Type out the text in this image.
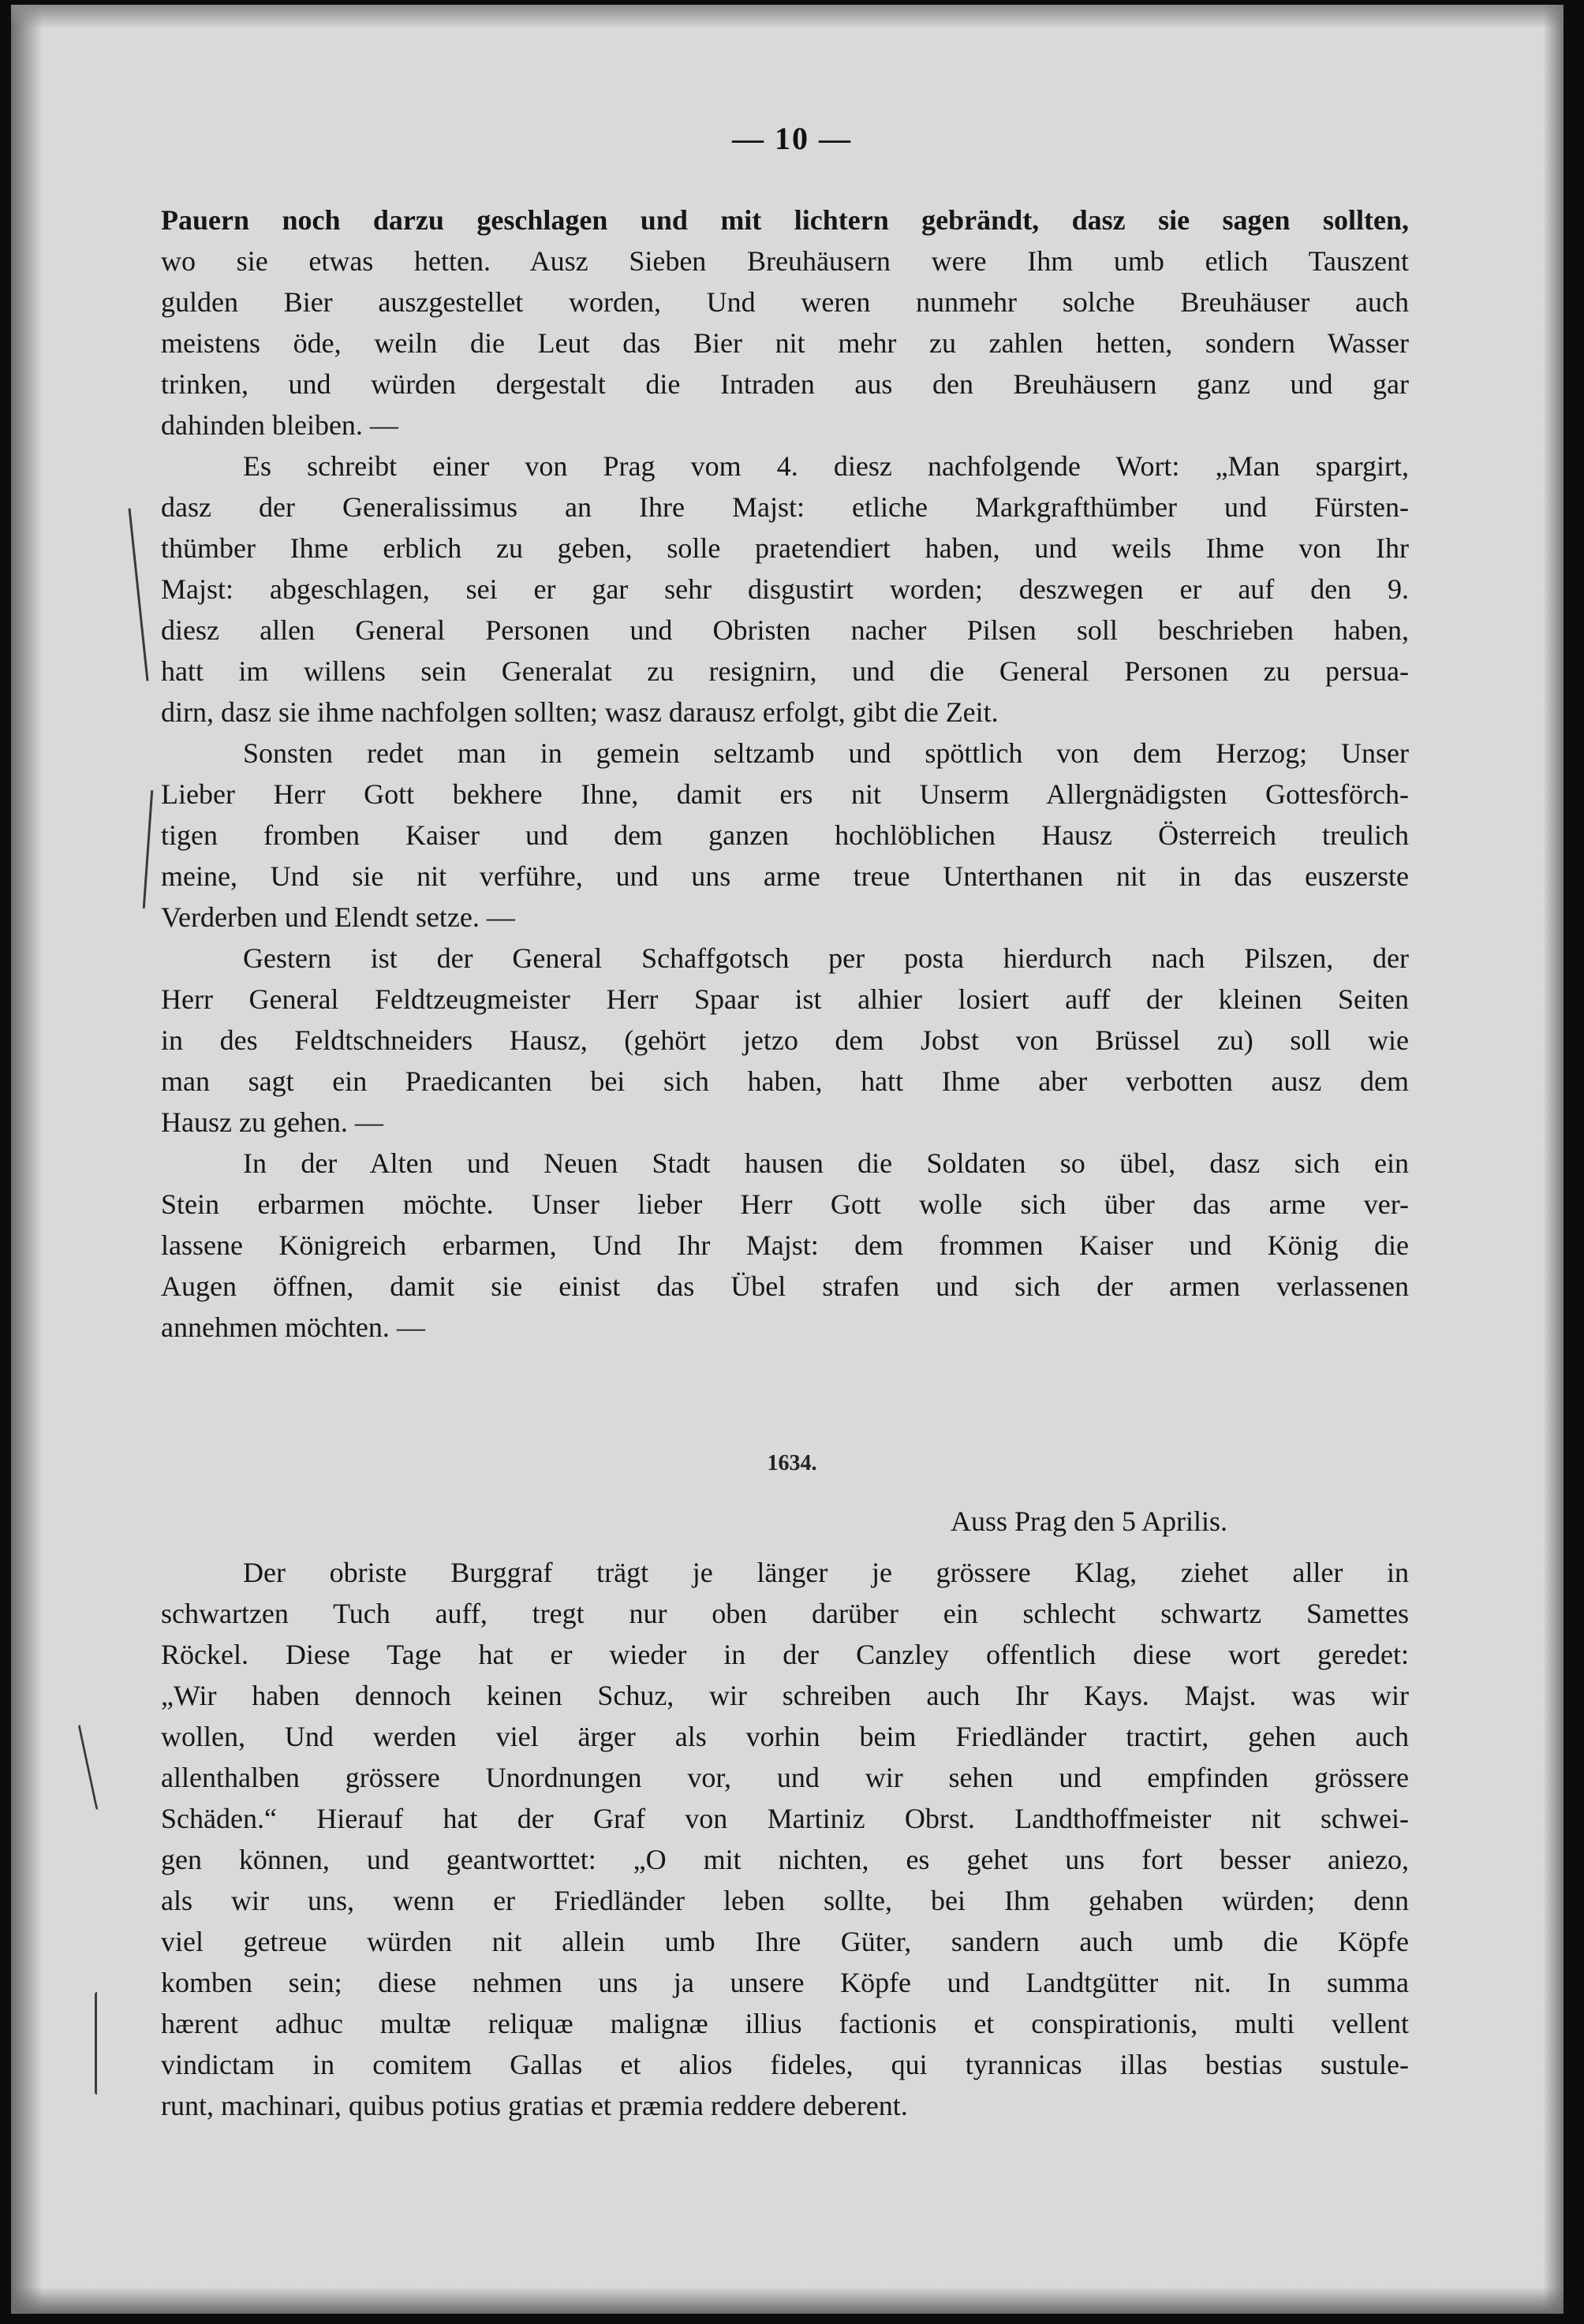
— 10 —
Pauern noch darzu geschlagen und mit lichtern gebrändt, dasz sie sagen sollten,
wo sie etwas hetten. Ausz Sieben Breuhäusern were Ihm umb etlich Tauszent
gulden Bier auszgestellet worden, Und weren nunmehr solche Breuhäuser auch
meistens öde, weiln die Leut das Bier nit mehr zu zahlen hetten, sondern Wasser
trinken, und würden dergestalt die Intraden aus den Breuhäusern ganz und gar
dahinden bleiben. —
Es schreibt einer von Prag vom 4. diesz nachfolgende Wort: „Man spargirt,
dasz der Generalissimus an Ihre Majst: etliche Markgrafthümber und Fürsten-
thümber Ihme erblich zu geben, solle praetendiert haben, und weils Ihme von Ihr
Majst: abgeschlagen, sei er gar sehr disgustirt worden; deszwegen er auf den 9.
diesz allen General Personen und Obristen nacher Pilsen soll beschrieben haben,
hatt im willens sein Generalat zu resignirn, und die General Personen zu persua-
dirn, dasz sie ihme nachfolgen sollten; wasz darausz erfolgt, gibt die Zeit.
Sonsten redet man in gemein seltzamb und spöttlich von dem Herzog; Unser
Lieber Herr Gott bekhere Ihne, damit ers nit Unserm Allergnädigsten Gottesförch-
tigen fromben Kaiser und dem ganzen hochlöblichen Hausz Österreich treulich
meine, Und sie nit verführe, und uns arme treue Unterthanen nit in das euszerste
Verderben und Elendt setze. —
Gestern ist der General Schaffgotsch per posta hierdurch nach Pilszen, der
Herr General Feldtzeugmeister Herr Spaar ist alhier losiert auff der kleinen Seiten
in des Feldtschneiders Hausz, (gehört jetzo dem Jobst von Brüssel zu) soll wie
man sagt ein Praedicanten bei sich haben, hatt Ihme aber verbotten ausz dem
Hausz zu gehen. —
In der Alten und Neuen Stadt hausen die Soldaten so übel, dasz sich ein
Stein erbarmen möchte. Unser lieber Herr Gott wolle sich über das arme ver-
lassene Königreich erbarmen, Und Ihr Majst: dem frommen Kaiser und König die
Augen öffnen, damit sie einist das Übel strafen und sich der armen verlassenen
annehmen möchten. —
1634.
Auss Prag den 5 Aprilis.
Der obriste Burggraf trägt je länger je grössere Klag, ziehet aller in
schwartzen Tuch auff, tregt nur oben darüber ein schlecht schwartz Samettes
Röckel. Diese Tage hat er wieder in der Canzley offentlich diese wort geredet:
„Wir haben dennoch keinen Schuz, wir schreiben auch Ihr Kays. Majst. was wir
wollen, Und werden viel ärger als vorhin beim Friedländer tractirt, gehen auch
allenthalben grössere Unordnungen vor, und wir sehen und empfinden grössere
Schäden.“ Hierauf hat der Graf von Martiniz Obrst. Landthoffmeister nit schwei-
gen können, und geantworttet: „O mit nichten, es gehet uns fort besser aniezo,
als wir uns, wenn er Friedländer leben sollte, bei Ihm gehaben würden; denn
viel getreue würden nit allein umb Ihre Güter, sandern auch umb die Köpfe
komben sein; diese nehmen uns ja unsere Köpfe und Landtgütter nit. In summa
hærent adhuc multæ reliquæ malignæ illius factionis et conspirationis, multi vellent
vindictam in comitem Gallas et alios fideles, qui tyrannicas illas bestias sustule-
runt, machinari, quibus potius gratias et præmia reddere deberent.
